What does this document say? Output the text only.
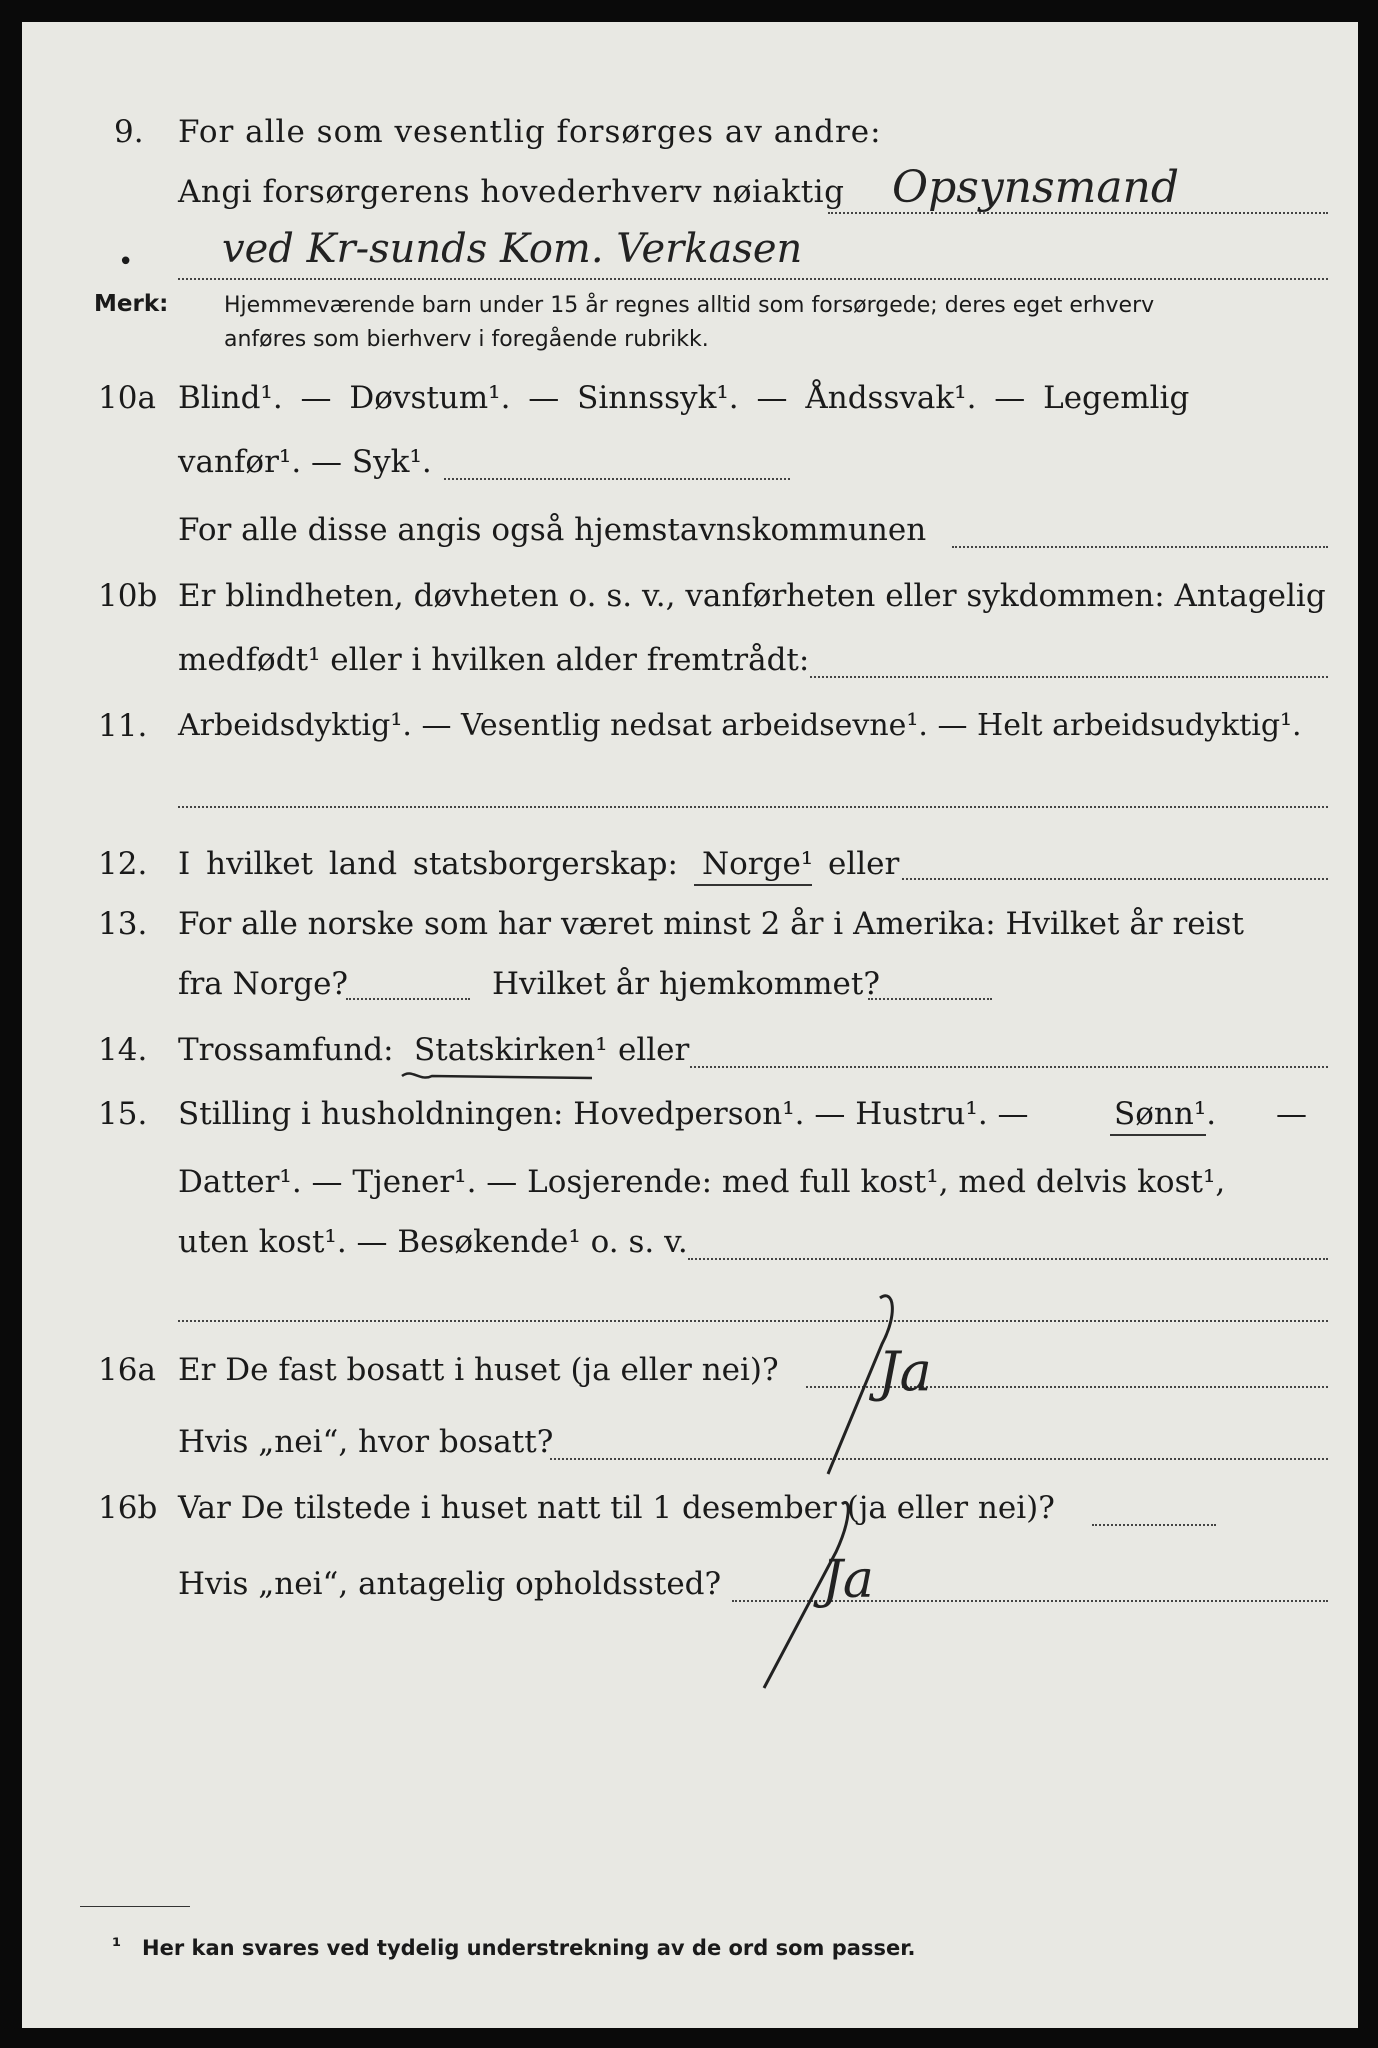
9. For alle som vesentlig forsørges av andre:
Angi forsørgerens hovederhverv nøiaktig Opsynsmand
• ved Kr-sunds Kom. Verkasen
Merk:	Hjemmeværende barn under 15 år regnes alltid som forsørgede; deres eget erhverv
anføres som bierhverv i foregående rubrikk.
10a Blind¹. — Døvstum¹. — Sinnssyk¹. — Åndssvak¹. — Legemlig
vanfør¹. — Syk¹.
For alle disse angis også hjemstavnskommunen
10b Er blindheten, døvheten o. s. v., vanførheten eller sykdommen: Antagelig
medfødt¹ eller i hvilken alder fremtrådt:
11. Arbeidsdyktig¹. — Vesentlig nedsat arbeidsevne¹. — Helt arbeidsudyktig¹.
12. I hvilket land statsborgerskap: Norge¹ eller
13. For alle norske som har været minst 2 år i Amerika: Hvilket år reist
fra Norge?	Hvilket år hjemkommet?
14. Trossamfund: Statskirken¹ eller
15. Stilling i husholdningen: Hovedperson¹. — Hustru¹. —	Sønn¹. —
Datter¹. — Tjener¹. — Losjerende: med full kost¹, med delvis kost¹,
uten kost¹. — Besøkende¹ o. s. v.
16a Er De fast bosatt i huset (ja eller nei)?
Hvis „nei“, hvor bosatt?
Ja
16b Var De tilstede i huset natt til 1 desember (ja eller nei)?
Hvis „nei“, antagelig opholdssted? Ja
¹ Her kan svares ved tydelig understrekning av de ord som passer.
